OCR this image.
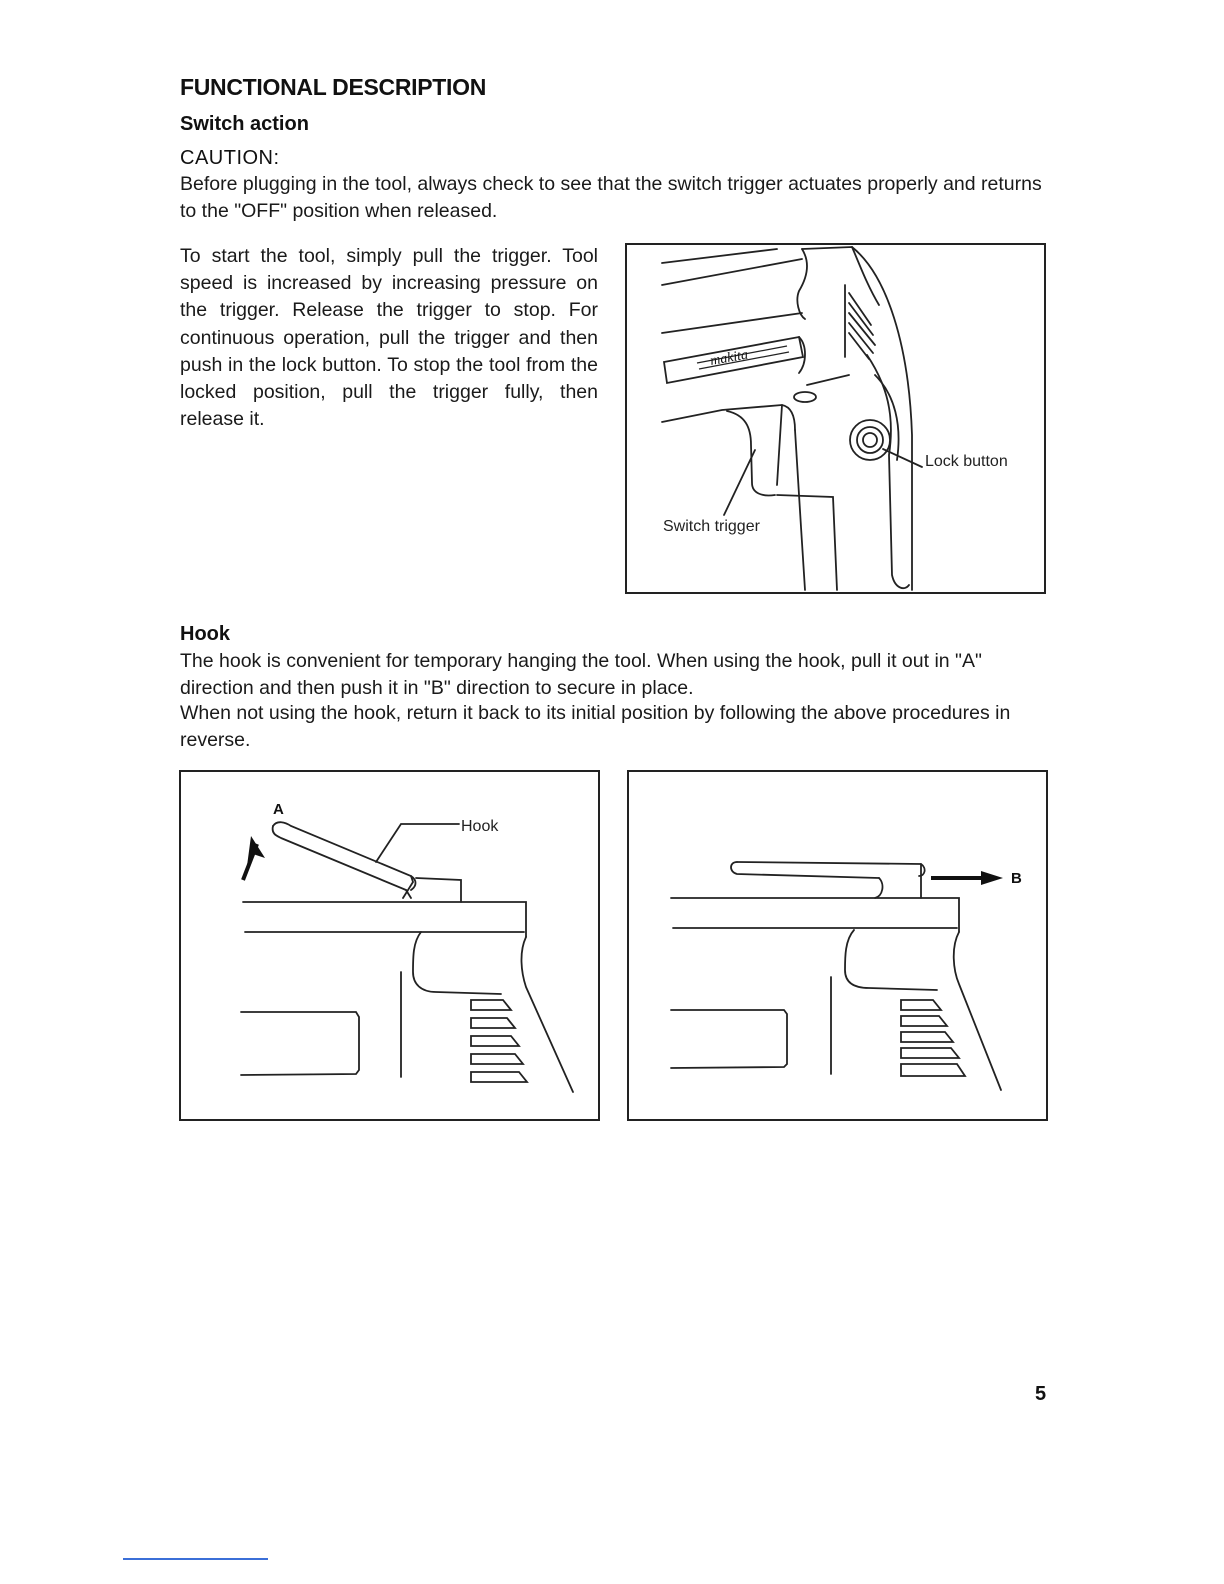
FUNCTIONAL DESCRIPTION
Switch action

CAUTION:

Before plugging in the tool, always check to see that the switch trigger actuates properly and returns to the "OFF" position when released.

To start the tool, simply pull the trigger. Tool speed is increased by increasing pressure on the trigger. Release the trigger to stop. For continuous operation, pull the trigger and then push in the lock button. To stop the tool from the locked position, pull the trigger fully, then release it.

makita
Lock button
Switch trigger
Hook

The hook is convenient for temporary hanging the tool. When using the hook, pull it out in "A" direction and then push it in "B" direction to secure in place.

When not using the hook, return it back to its initial position by following the above procedures in reverse.

A
Hook
B

5
